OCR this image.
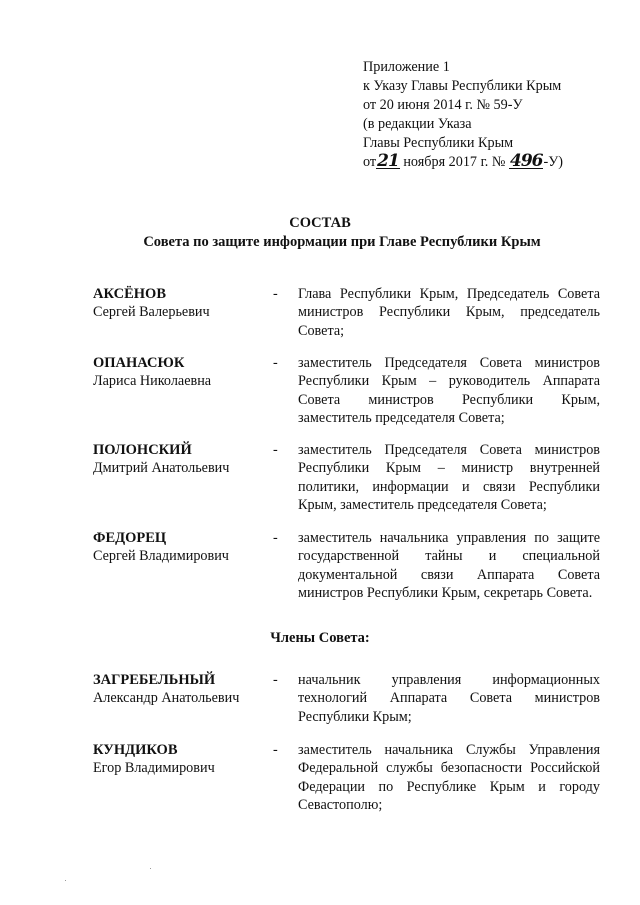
Приложение 1
к Указу Главы Республики Крым
от 20 июня 2014 г. № 59-У
(в редакции Указа
Главы Республики Крым
от21 ноября 2017 г. № 496-У)
СОСТАВ
Совета по защите информации при Главе Республики Крым
АКСЁНОВ
Сергей Валерьевич
- Глава Республики Крым, Председатель Совета министров Республики Крым, председатель Совета;
ОПАНАСЮК
Лариса Николаевна
- заместитель Председателя Совета министров Республики Крым – руководитель Аппарата Совета министров Республики Крым, заместитель председателя Совета;
ПОЛОНСКИЙ
Дмитрий Анатольевич
- заместитель Председателя Совета министров Республики Крым – министр внутренней политики, информации и связи Республики Крым, заместитель председателя Совета;
ФЕДОРЕЦ
Сергей Владимирович
- заместитель начальника управления по защите государственной тайны и специальной документальной связи Аппарата Совета министров Республики Крым, секретарь Совета.
Члены Совета:
ЗАГРЕБЕЛЬНЫЙ
Александр Анатольевич
- начальник управления информационных технологий Аппарата Совета министров Республики Крым;
КУНДИКОВ
Егор Владимирович
- заместитель начальника Службы Управления Федеральной службы безопасности Российской Федерации по Республике Крым и городу Севастополю;
